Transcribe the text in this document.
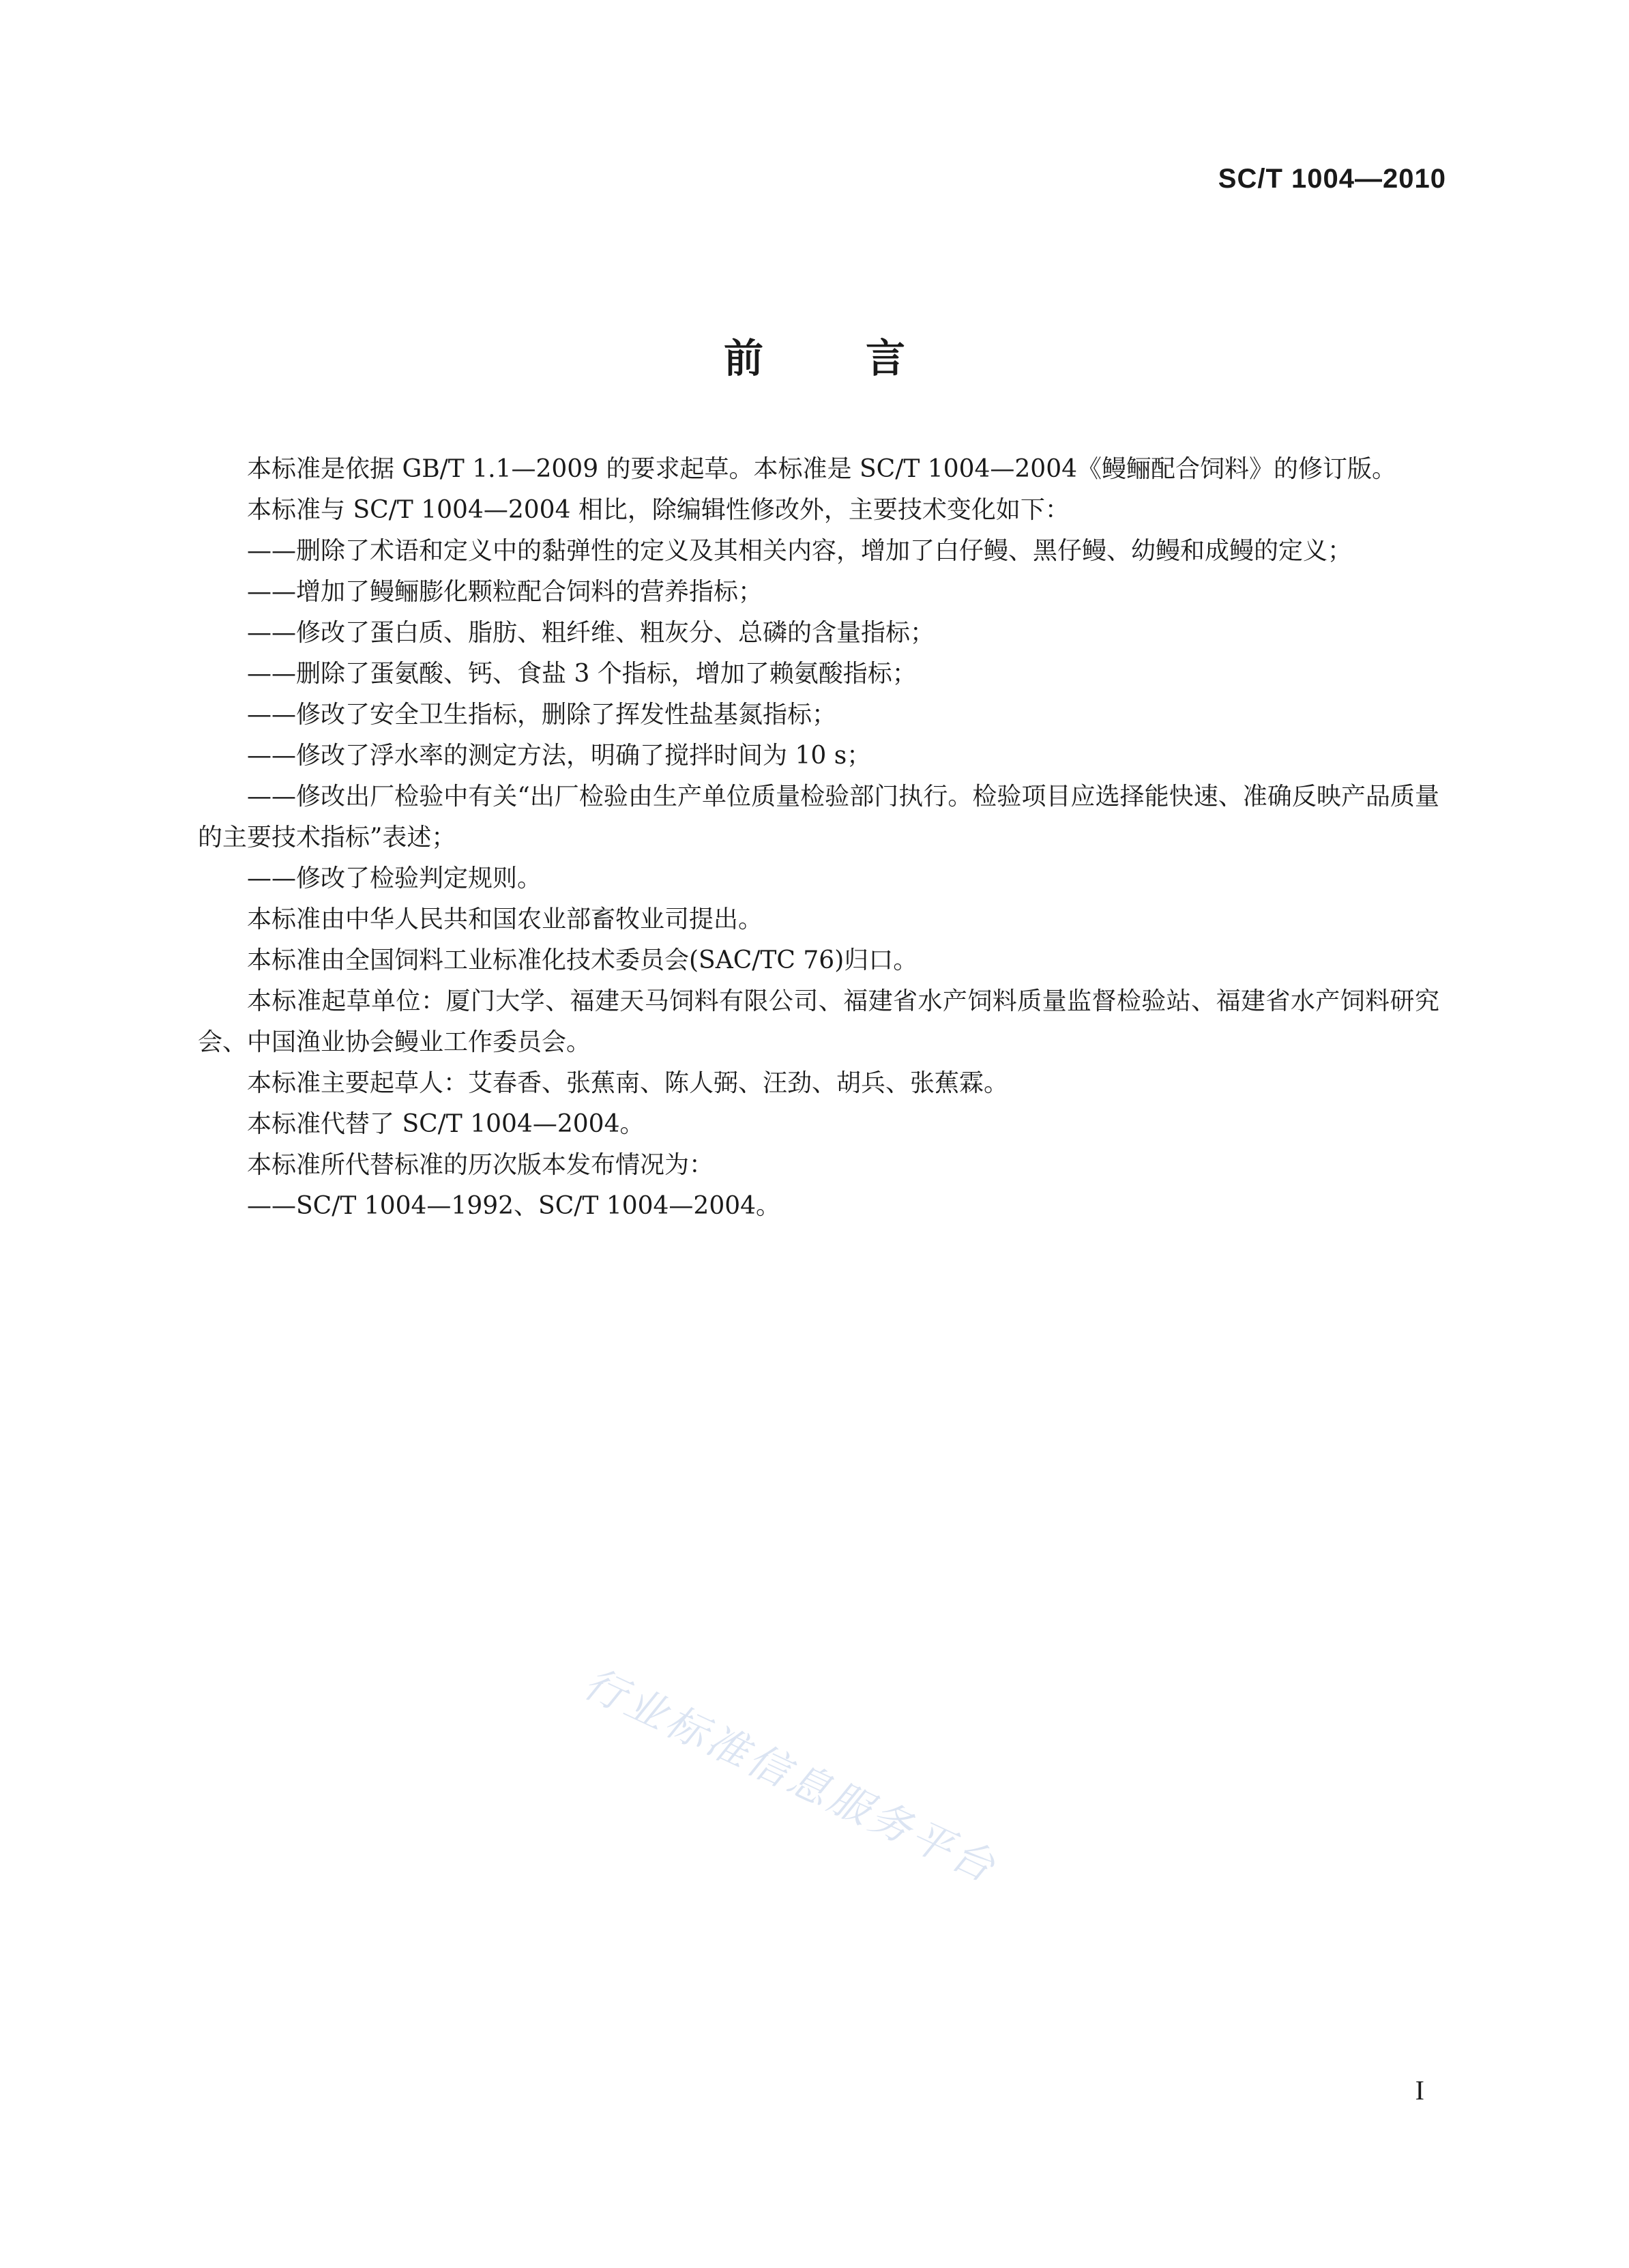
SC/T 1004—2010
前言

本标准是依据 GB/T 1.1—2009 的要求起草。本标准是 SC/T 1004—2004《鳗鲡配合饲料》的修订版。

本标准与 SC/T 1004—2004 相比，除编辑性修改外，主要技术变化如下：

——删除了术语和定义中的黏弹性的定义及其相关内容，增加了白仔鳗、黑仔鳗、幼鳗和成鳗的定义；

——增加了鳗鲡膨化颗粒配合饲料的营养指标；

——修改了蛋白质、脂肪、粗纤维、粗灰分、总磷的含量指标；

——删除了蛋氨酸、钙、食盐 3 个指标，增加了赖氨酸指标；

——修改了安全卫生指标，删除了挥发性盐基氮指标；

——修改了浮水率的测定方法，明确了搅拌时间为 10 s；

——修改出厂检验中有关“出厂检验由生产单位质量检验部门执行。检验项目应选择能快速、准确反映产品质量的主要技术指标”表述；

——修改了检验判定规则。

本标准由中华人民共和国农业部畜牧业司提出。

本标准由全国饲料工业标准化技术委员会(SAC/TC 76)归口。

本标准起草单位：厦门大学、福建天马饲料有限公司、福建省水产饲料质量监督检验站、福建省水产饲料研究会、中国渔业协会鳗业工作委员会。

本标准主要起草人：艾春香、张蕉南、陈人弼、汪劲、胡兵、张蕉霖。

本标准代替了 SC/T 1004—2004。

本标准所代替标准的历次版本发布情况为：

——SC/T 1004—1992、SC/T 1004—2004。

行业标准信息服务平台
I
